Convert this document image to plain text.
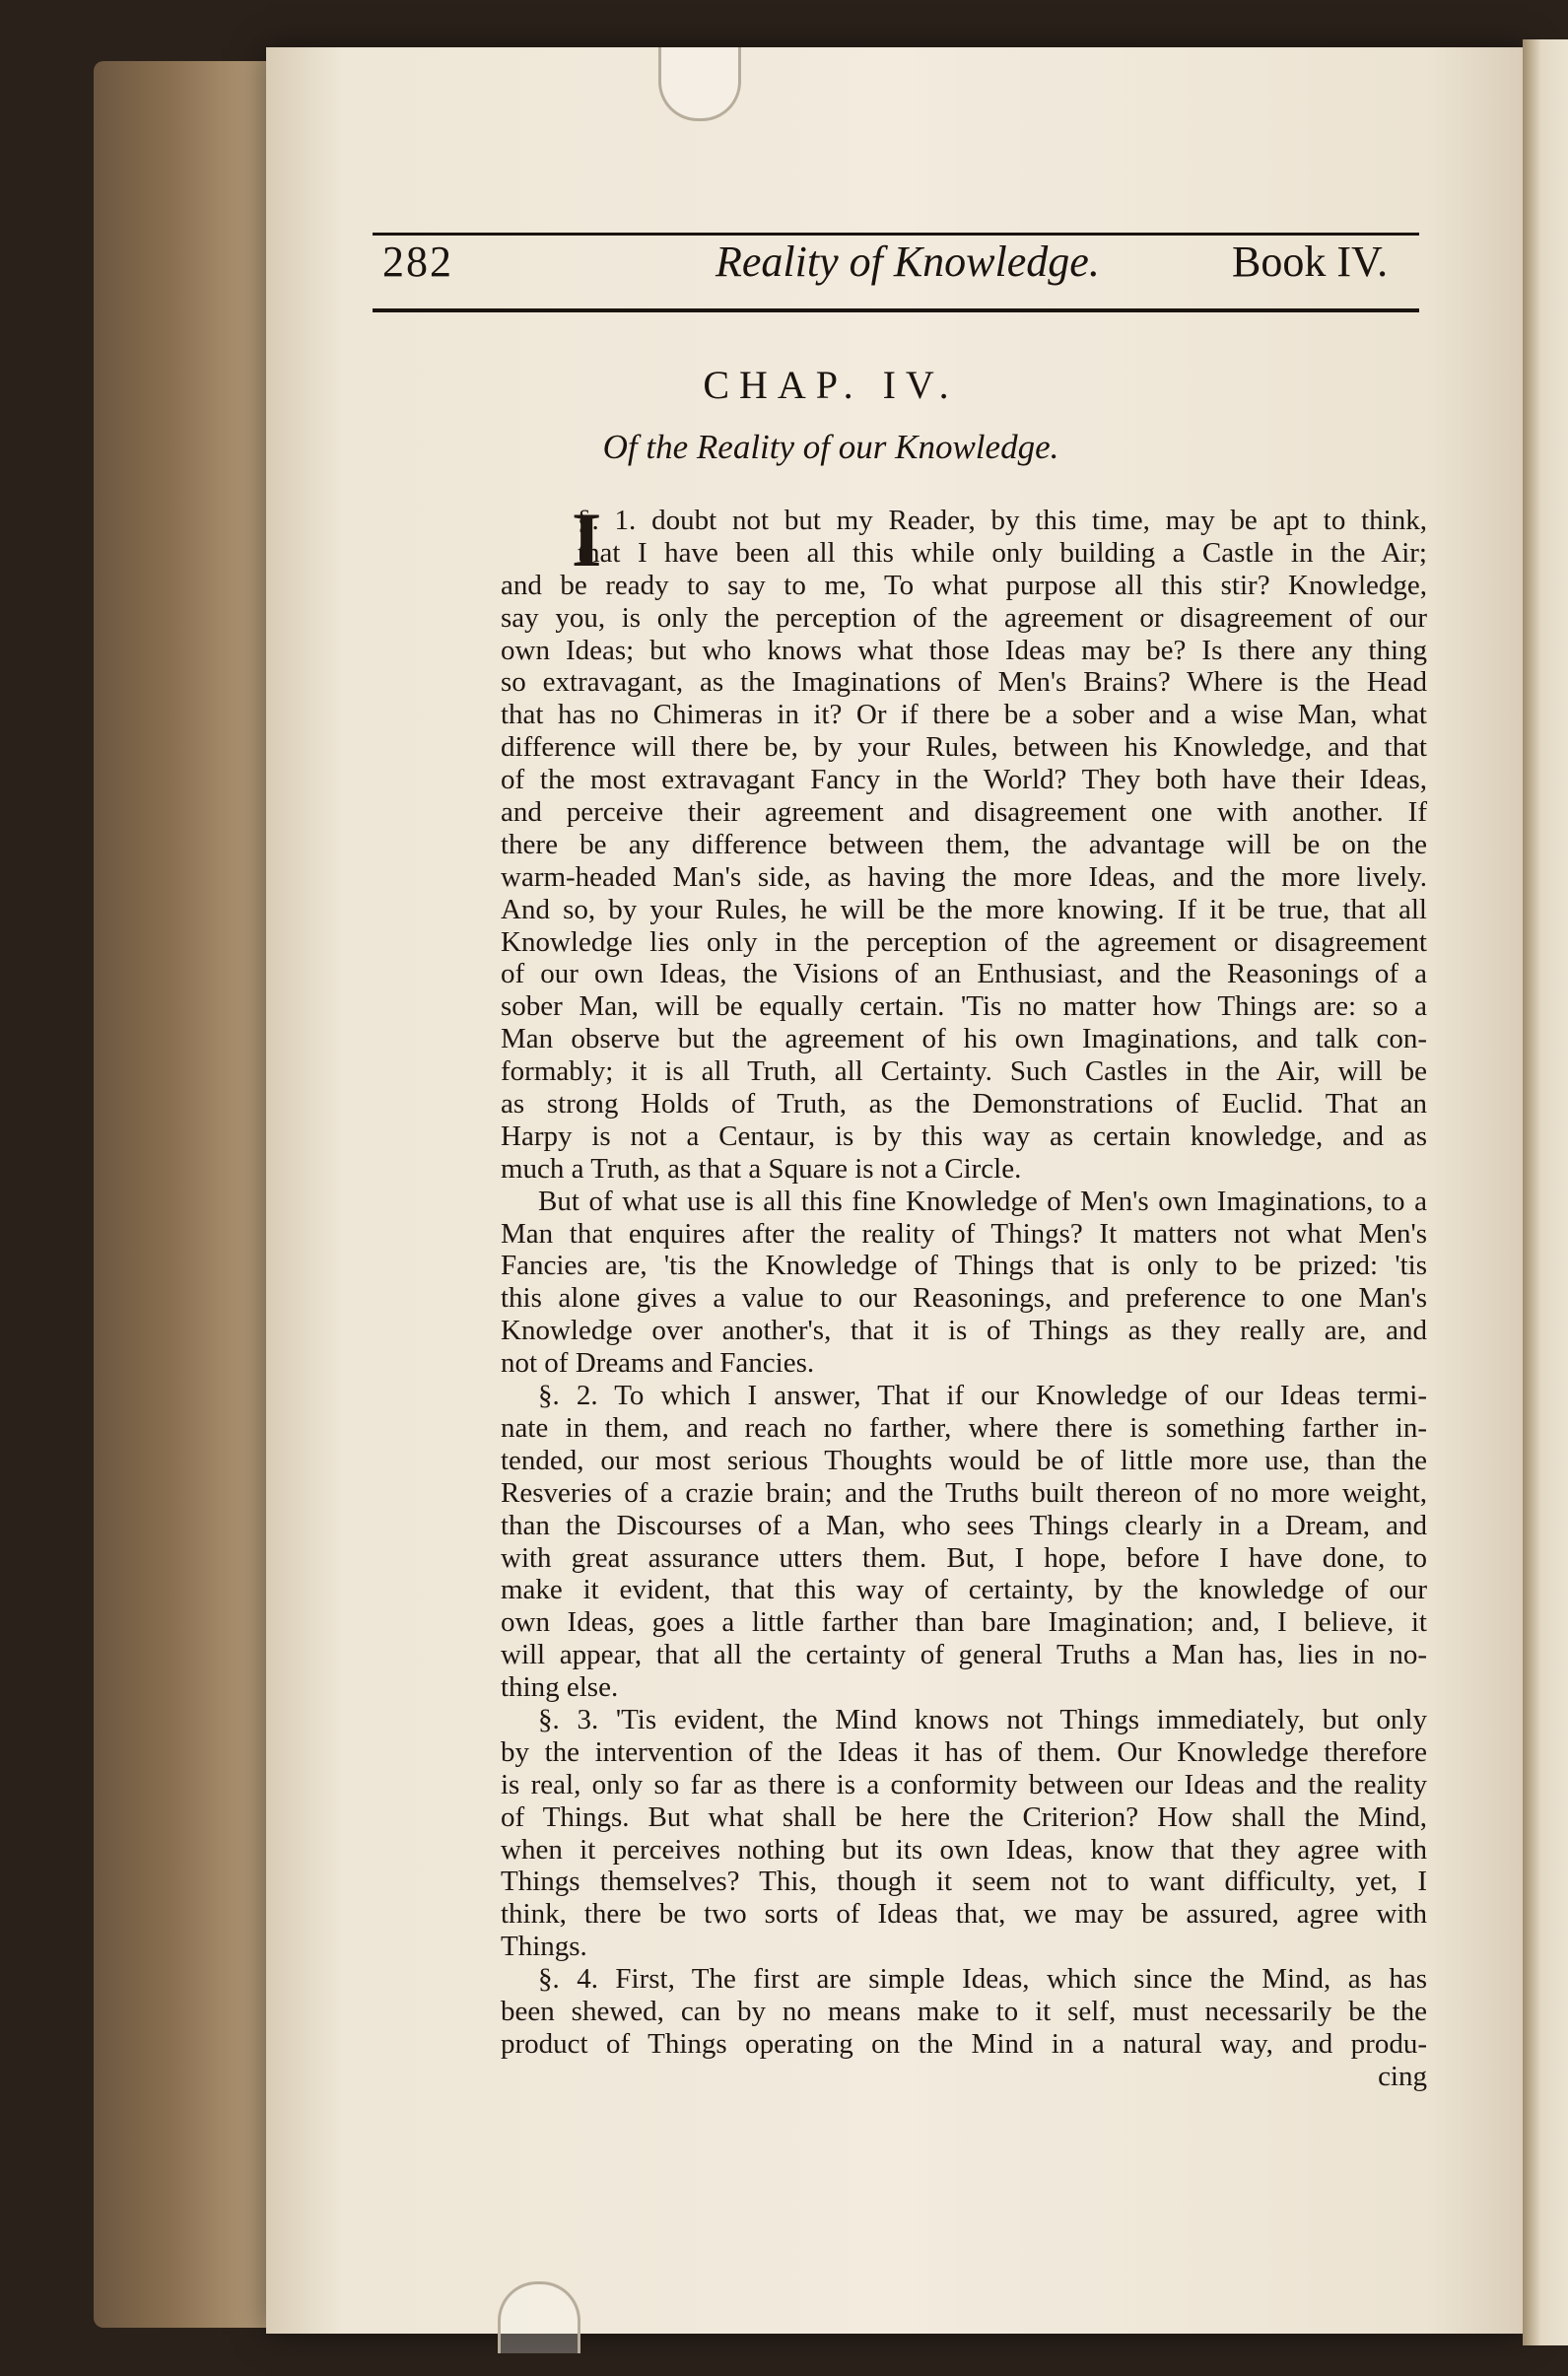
282	Reality of Knowledge.	Book IV.
CHAP. IV.
Of the Reality of our Knowledge.
I
§. 1. doubt not but my Reader, by this time, may be apt to think,
that I have been all this while only building a Castle in the Air;
and be ready to say to me, To what purpose all this stir? Knowledge,
say you, is only the perception of the agreement or disagreement of our
own Ideas; but who knows what those Ideas may be? Is there any thing
so extravagant, as the Imaginations of Men's Brains? Where is the Head
that has no Chimeras in it? Or if there be a sober and a wise Man, what
difference will there be, by your Rules, between his Knowledge, and that
of the most extravagant Fancy in the World? They both have their Ideas,
and perceive their agreement and disagreement one with another. If
there be any difference between them, the advantage will be on the
warm-headed Man's side, as having the more Ideas, and the more lively.
And so, by your Rules, he will be the more knowing. If it be true, that all
Knowledge lies only in the perception of the agreement or disagreement
of our own Ideas, the Visions of an Enthusiast, and the Reasonings of a
sober Man, will be equally certain. 'Tis no matter how Things are: so a
Man observe but the agreement of his own Imaginations, and talk con-
formably; it is all Truth, all Certainty. Such Castles in the Air, will be
as strong Holds of Truth, as the Demonstrations of Euclid. That an
Harpy is not a Centaur, is by this way as certain knowledge, and as
much a Truth, as that a Square is not a Circle.
But of what use is all this fine Knowledge of Men's own Imaginations, to a
Man that enquires after the reality of Things? It matters not what Men's
Fancies are, 'tis the Knowledge of Things that is only to be prized: 'tis
this alone gives a value to our Reasonings, and preference to one Man's
Knowledge over another's, that it is of Things as they really are, and
not of Dreams and Fancies.
§. 2. To which I answer, That if our Knowledge of our Ideas termi-
nate in them, and reach no farther, where there is something farther in-
tended, our most serious Thoughts would be of little more use, than the
Resveries of a crazie brain; and the Truths built thereon of no more weight,
than the Discourses of a Man, who sees Things clearly in a Dream, and
with great assurance utters them. But, I hope, before I have done, to
make it evident, that this way of certainty, by the knowledge of our
own Ideas, goes a little farther than bare Imagination; and, I believe, it
will appear, that all the certainty of general Truths a Man has, lies in no-
thing else.
§. 3. 'Tis evident, the Mind knows not Things immediately, but only
by the intervention of the Ideas it has of them. Our Knowledge therefore
is real, only so far as there is a conformity between our Ideas and the reality
of Things. But what shall be here the Criterion? How shall the Mind,
when it perceives nothing but its own Ideas, know that they agree with
Things themselves? This, though it seem not to want difficulty, yet, I
think, there be two sorts of Ideas that, we may be assured, agree with
Things.
§. 4. First, The first are simple Ideas, which since the Mind, as has
been shewed, can by no means make to it self, must necessarily be the
product of Things operating on the Mind in a natural way, and produ-
cing
